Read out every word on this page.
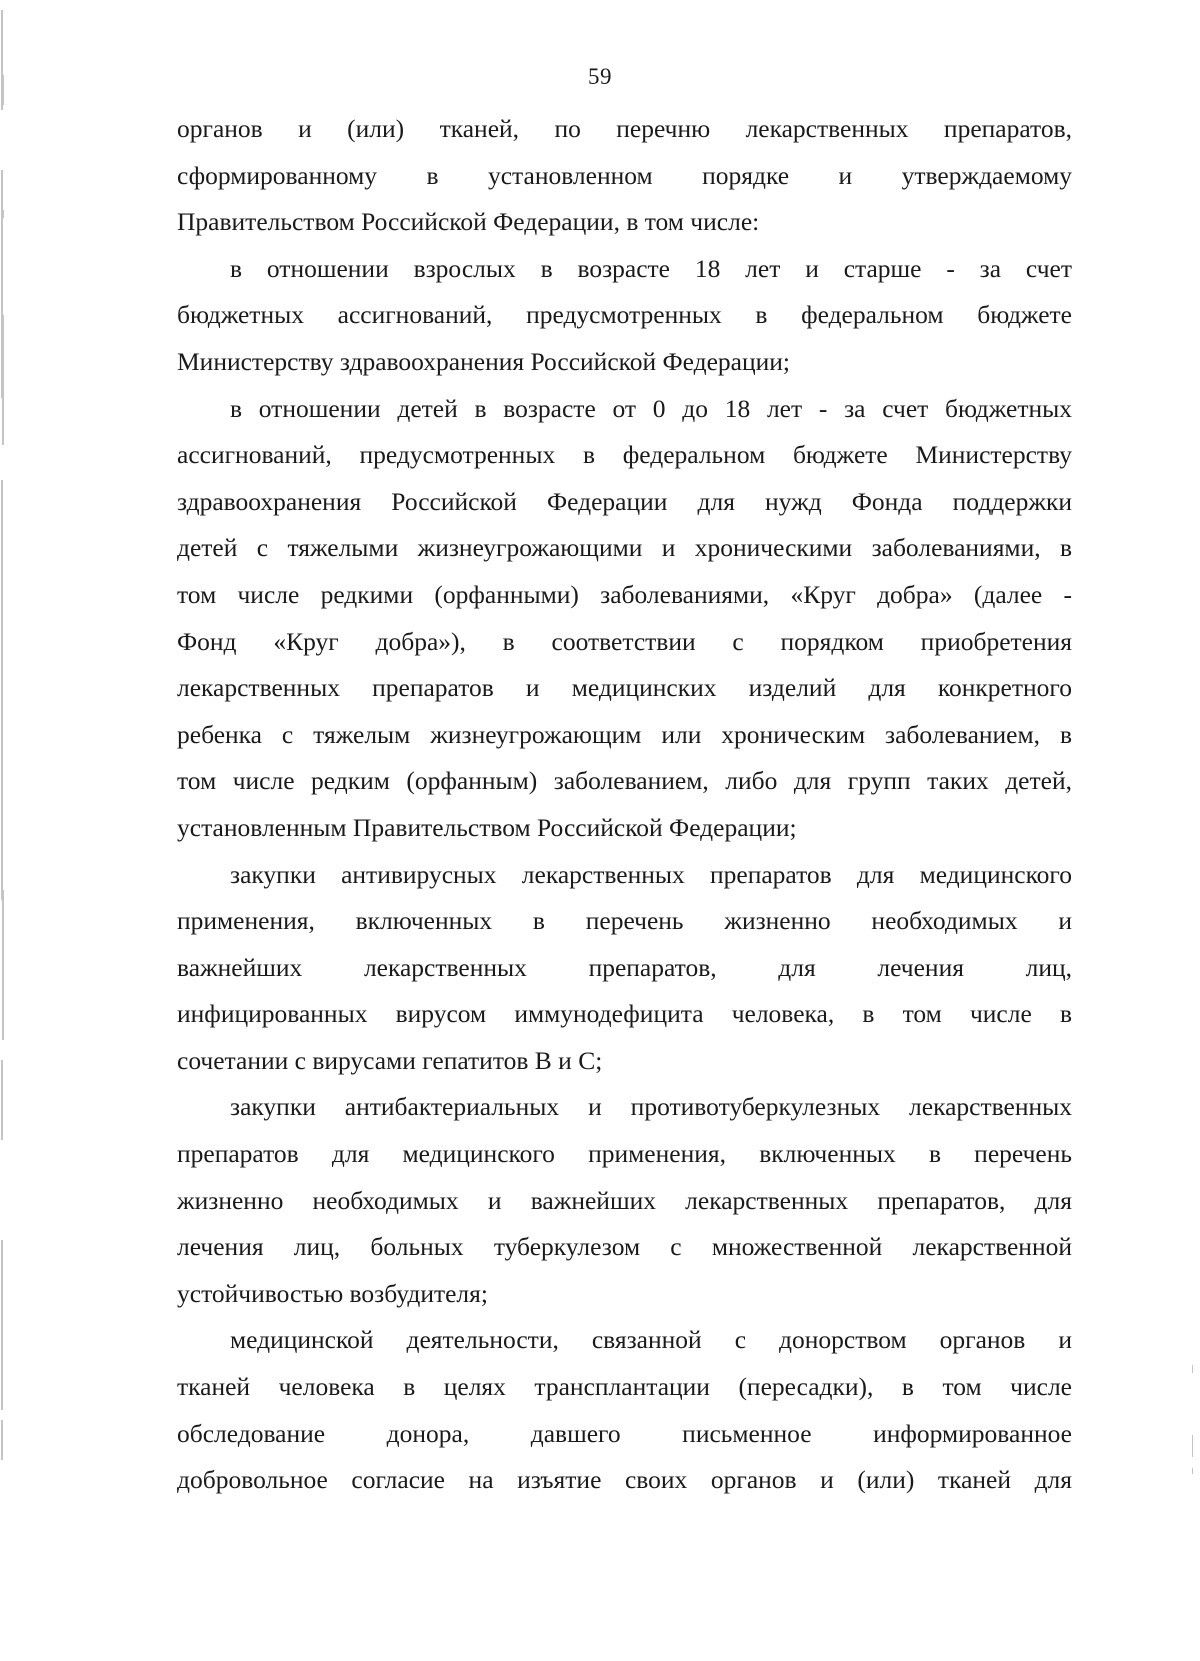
59

органов и (или) тканей, по перечню лекарственных препаратов,
сформированному в установленном порядке и утверждаемому
Правительством Российской Федерации, в том числе:

в отношении взрослых в возрасте 18 лет и старше - за счет
бюджетных ассигнований, предусмотренных в федеральном бюджете
Министерству здравоохранения Российской Федерации;

в отношении детей в возрасте от 0 до 18 лет - за счет бюджетных
ассигнований, предусмотренных в федеральном бюджете Министерству
здравоохранения Российской Федерации для нужд Фонда поддержки
детей с тяжелыми жизнеугрожающими и хроническими заболеваниями, в
том числе редкими (орфанными) заболеваниями, «Круг добра» (далее -
Фонд «Круг добра»), в соответствии с порядком приобретения
лекарственных препаратов и медицинских изделий для конкретного
ребенка с тяжелым жизнеугрожающим или хроническим заболеванием, в
том числе редким (орфанным) заболеванием, либо для групп таких детей,
установленным Правительством Российской Федерации;

закупки антивирусных лекарственных препаратов для медицинского
применения, включенных в перечень жизненно необходимых и
важнейших лекарственных препаратов, для лечения лиц,
инфицированных вирусом иммунодефицита человека, в том числе в
сочетании с вирусами гепатитов В и С;

закупки антибактериальных и противотуберкулезных лекарственных
препаратов для медицинского применения, включенных в перечень
жизненно необходимых и важнейших лекарственных препаратов, для
лечения лиц, больных туберкулезом с множественной лекарственной
устойчивостью возбудителя;

медицинской деятельности, связанной с донорством органов и
тканей человека в целях трансплантации (пересадки), в том числе
обследование донора, давшего письменное информированное
добровольное согласие на изъятие своих органов и (или) тканей для
